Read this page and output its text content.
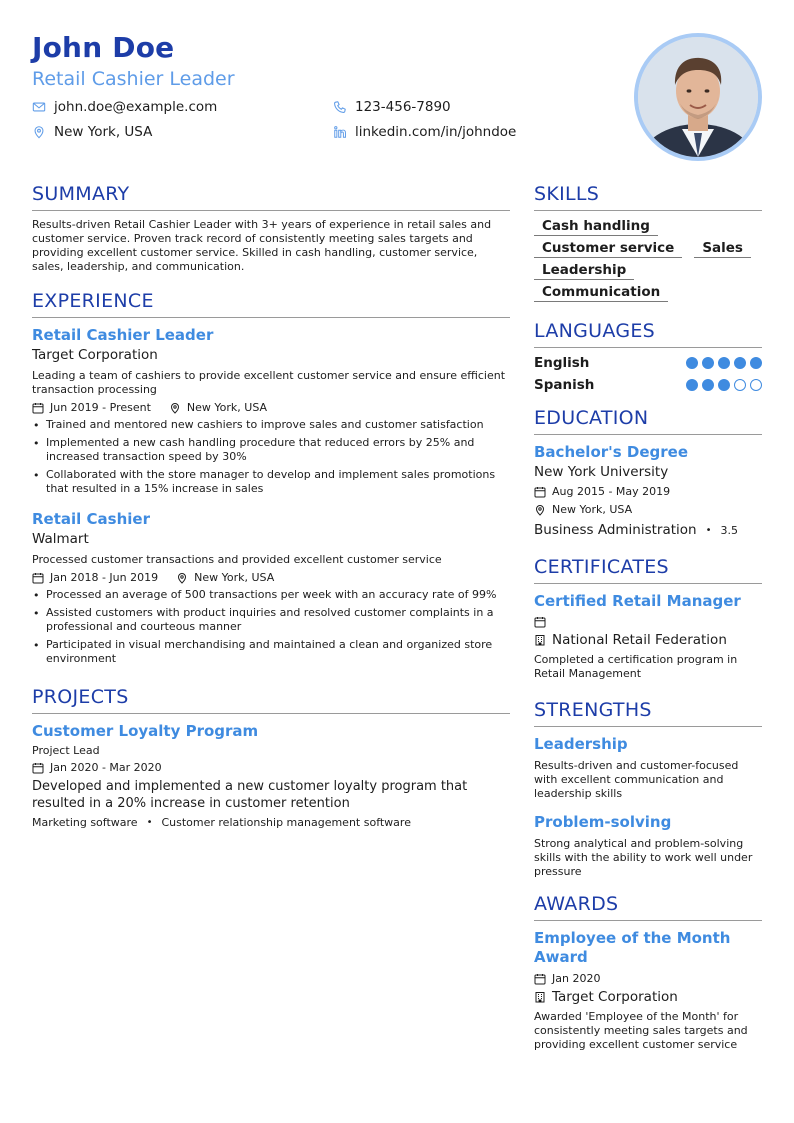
John Doe
Retail Cashier Leader
john.doe@example.com	123-456-7890
New York, USA	linkedin.com/in/johndoe
SUMMARY

Results-driven Retail Cashier Leader with 3+ years of experience in retail sales and customer service. Proven track record of consistently meeting sales targets and providing excellent customer service. Skilled in cash handling, customer service, sales, leadership, and communication.

EXPERIENCE
Retail Cashier Leader
Target Corporation
Leading a team of cashiers to provide excellent customer service and ensure efficient transaction processing
Jun 2019 - Present	New York, USA
• Trained and mentored new cashiers to improve sales and customer satisfaction
• Implemented a new cash handling procedure that reduced errors by 25% and increased transaction speed by 30%
• Collaborated with the store manager to develop and implement sales promotions that resulted in a 15% increase in sales
Retail Cashier
Walmart
Processed customer transactions and provided excellent customer service
Jan 2018 - Jun 2019	New York, USA
• Processed an average of 500 transactions per week with an accuracy rate of 99%
• Assisted customers with product inquiries and resolved customer complaints in a professional and courteous manner
• Participated in visual merchandising and maintained a clean and organized store environment
PROJECTS
Customer Loyalty Program
Project Lead
Jan 2020 - Mar 2020
Developed and implemented a new customer loyalty program that resulted in a 20% increase in customer retention
Marketing software • Customer relationship management software
SKILLS
Cash handling
Customer service	Sales
Leadership
Communication
LANGUAGES
English
Spanish
EDUCATION
Bachelor's Degree
New York University
Aug 2015 - May 2019
New York, USA
Business Administration • 3.5
CERTIFICATES
Certified Retail Manager
National Retail Federation
Completed a certification program in Retail Management
STRENGTHS
Leadership
Results-driven and customer-focused with excellent communication and leadership skills
Problem-solving
Strong analytical and problem-solving skills with the ability to work well under pressure
AWARDS
Employee of the Month Award
Jan 2020
Target Corporation
Awarded 'Employee of the Month' for consistently meeting sales targets and providing excellent customer service
